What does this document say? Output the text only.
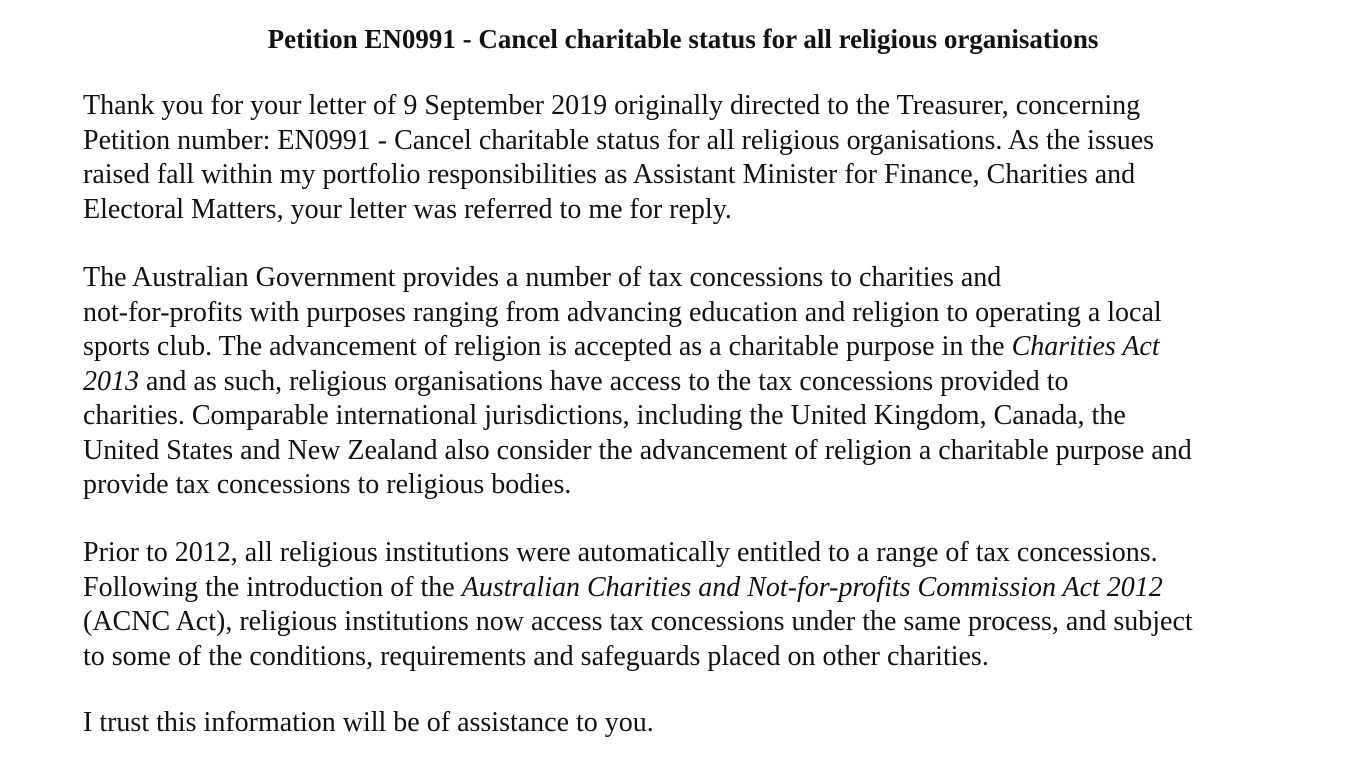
Petition EN0991 - Cancel charitable status for all religious organisations
Thank you for your letter of 9 September 2019 originally directed to the Treasurer, concerning
Petition number: EN0991 - Cancel charitable status for all religious organisations. As the issues
raised fall within my portfolio responsibilities as Assistant Minister for Finance, Charities and
Electoral Matters, your letter was referred to me for reply.
The Australian Government provides a number of tax concessions to charities and
not-for-profits with purposes ranging from advancing education and religion to operating a local
sports club. The advancement of religion is accepted as a charitable purpose in the Charities Act
2013 and as such, religious organisations have access to the tax concessions provided to
charities. Comparable international jurisdictions, including the United Kingdom, Canada, the
United States and New Zealand also consider the advancement of religion a charitable purpose and
provide tax concessions to religious bodies.
Prior to 2012, all religious institutions were automatically entitled to a range of tax concessions.
Following the introduction of the Australian Charities and Not-for-profits Commission Act 2012
(ACNC Act), religious institutions now access tax concessions under the same process, and subject
to some of the conditions, requirements and safeguards placed on other charities.
I trust this information will be of assistance to you.
